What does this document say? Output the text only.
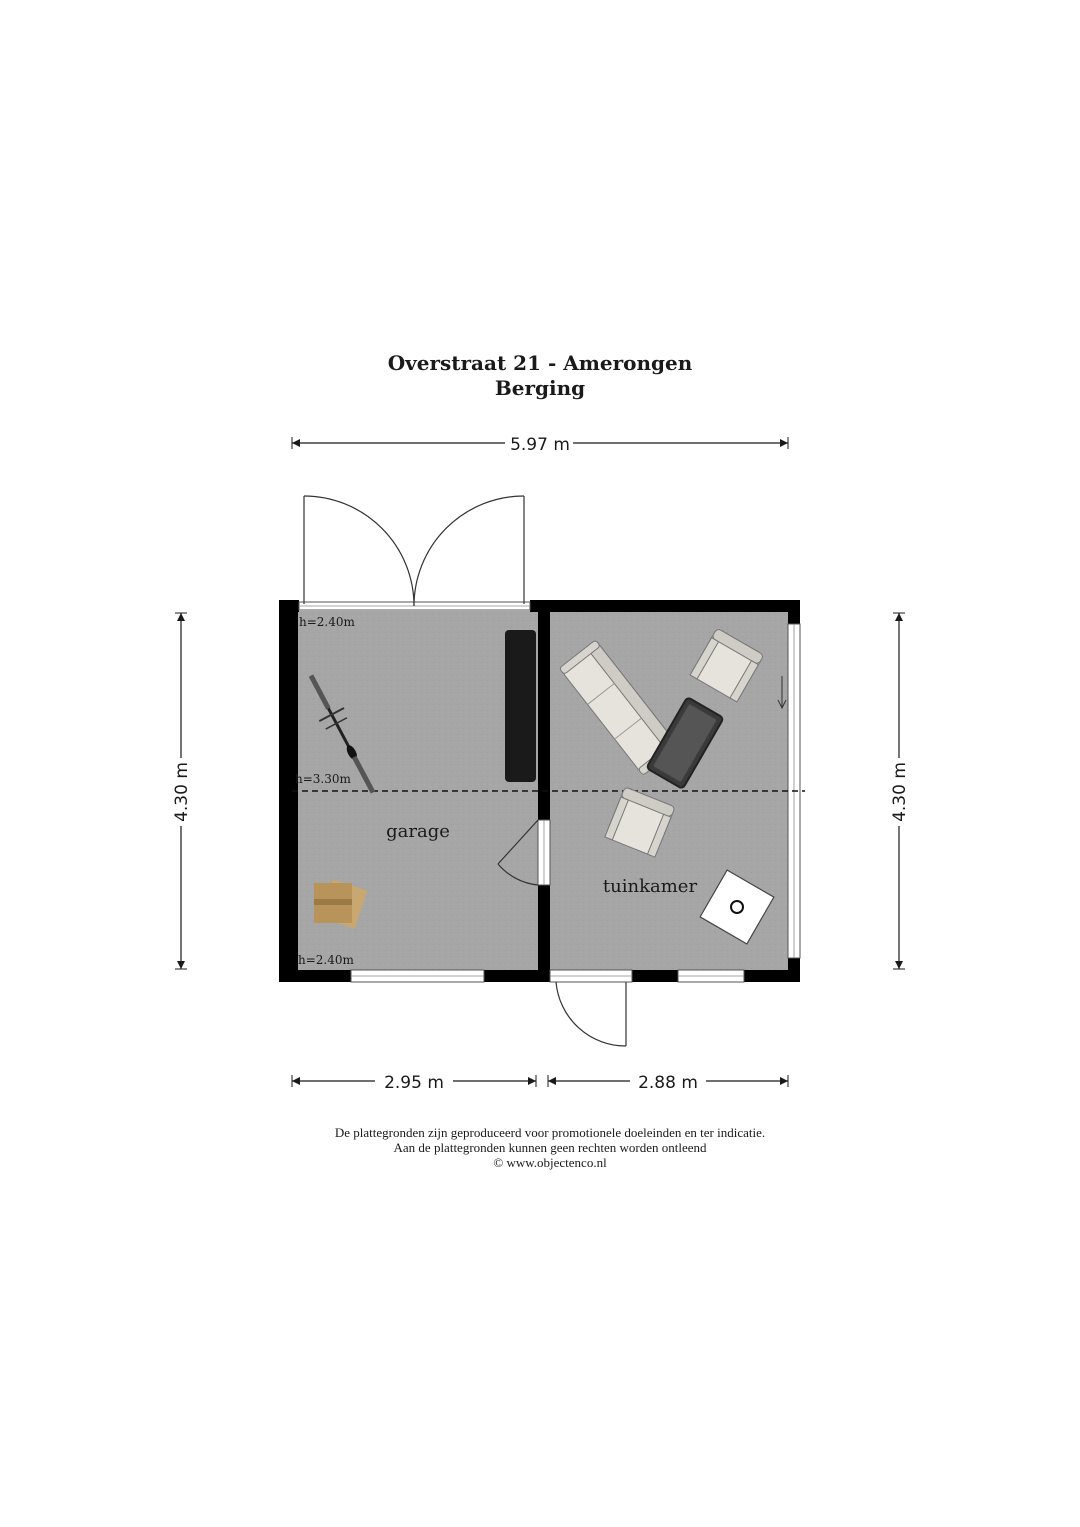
Overstraat 21 - Amerongen
Berging
5.97 m
4.30 m	4.30 m
2.95 m	2.88 m
garage
tuinkamer
h=2.40m
h=3.30m
h=2.40m
De plattegronden zijn geproduceerd voor promotionele doeleinden en ter indicatie.
Aan de plattegronden kunnen geen rechten worden ontleend
© www.objectenco.nl
